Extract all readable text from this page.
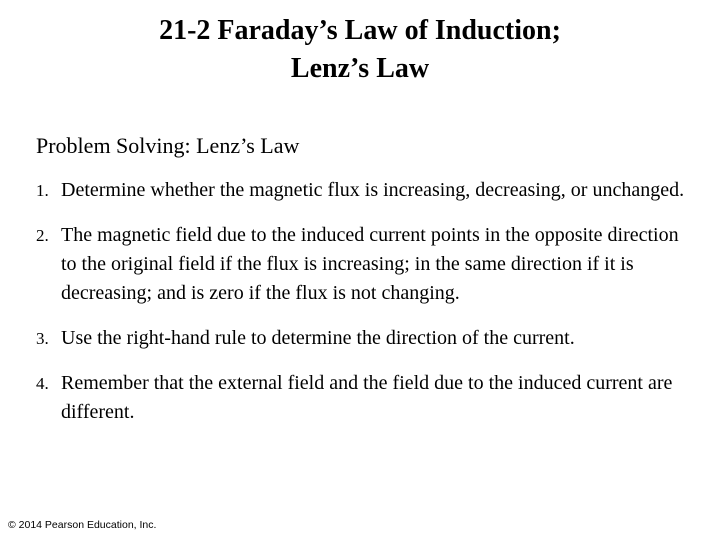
21-2 Faraday’s Law of Induction;
Lenz’s Law
Problem Solving: Lenz’s Law
1. Determine whether the magnetic flux is increasing, decreasing, or unchanged.
2. The magnetic field due to the induced current points in the opposite direction to the original field if the flux is increasing; in the same direction if it is decreasing; and is zero if the flux is not changing.
3. Use the right-hand rule to determine the direction of the current.
4. Remember that the external field and the field due to the induced current are different.
© 2014 Pearson Education, Inc.
